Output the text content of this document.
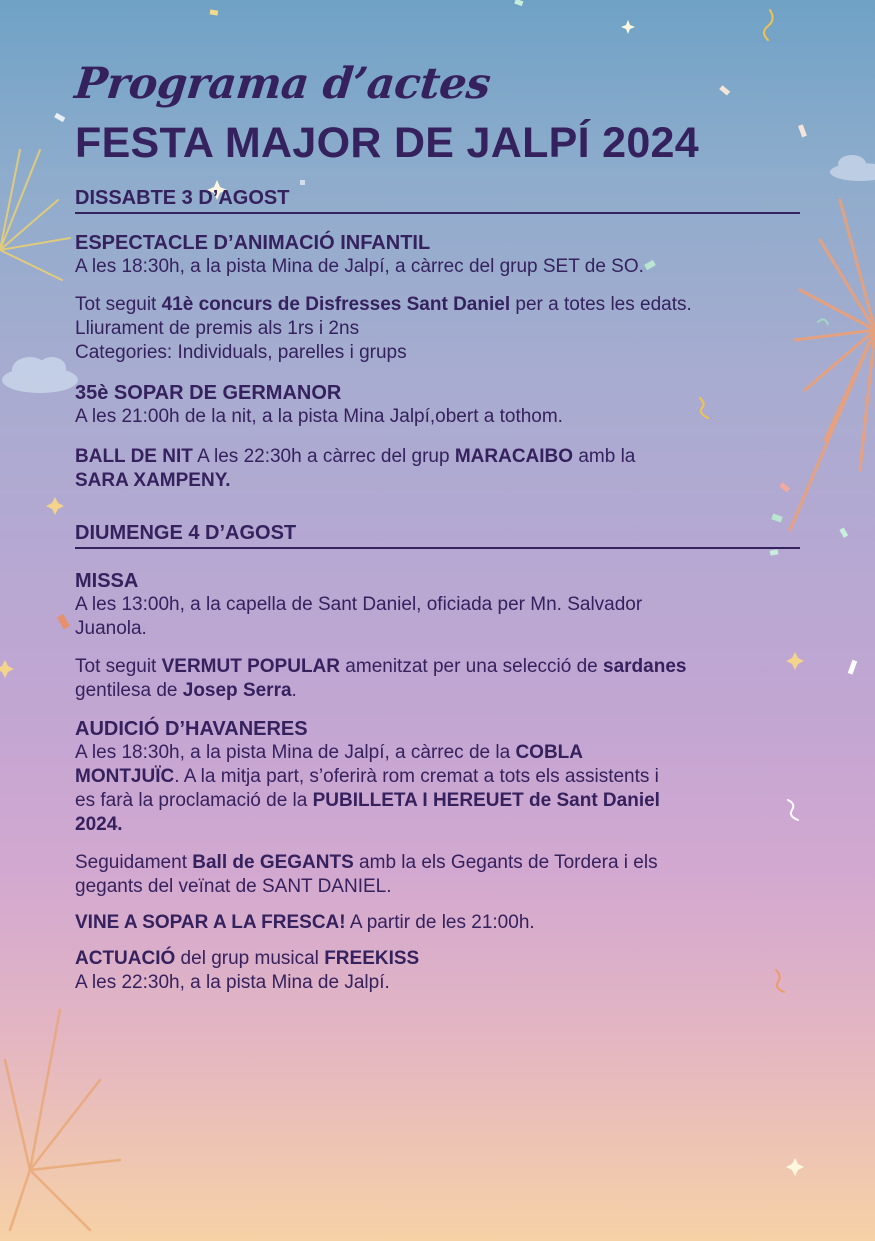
Programa d’actes
FESTA MAJOR DE JALPÍ 2024
DISSABTE 3 D’AGOST
ESPECTACLE D’ANIMACIÓ INFANTIL

A les 18:30h, a la pista Mina de Jalpí, a càrrec del grup SET de SO.

Tot seguit 41è concurs de Disfresses Sant Daniel per a totes les edats.

Lliurament de premis als 1rs i 2ns

Categories: Individuals, parelles i grups

35è SOPAR DE GERMANOR

A les 21:00h de la nit, a la pista Mina Jalpí,obert a tothom.

BALL DE NIT A les 22:30h a càrrec del grup MARACAIBO amb la
SARA XAMPENY.

DIUMENGE 4 D’AGOST
MISSA

A les 13:00h, a la capella de Sant Daniel, oficiada per Mn. Salvador

Juanola.

Tot seguit VERMUT POPULAR amenitzat per una selecció de sardanes
gentilesa de Josep Serra.

AUDICIÓ D’HAVANERES

A les 18:30h, a la pista Mina de Jalpí, a càrrec de la COBLA
MONTJUÏC. A la mitja part, s’oferirà rom cremat a tots els assistents i
es farà la proclamació de la PUBILLETA I HEREUET de Sant Daniel
2024.

Seguidament Ball de GEGANTS amb la els Gegants de Tordera i els
gegants del veïnat de SANT DANIEL.

VINE A SOPAR A LA FRESCA! A partir de les 21:00h.

ACTUACIÓ del grup musical FREEKISS

A les 22:30h, a la pista Mina de Jalpí.
